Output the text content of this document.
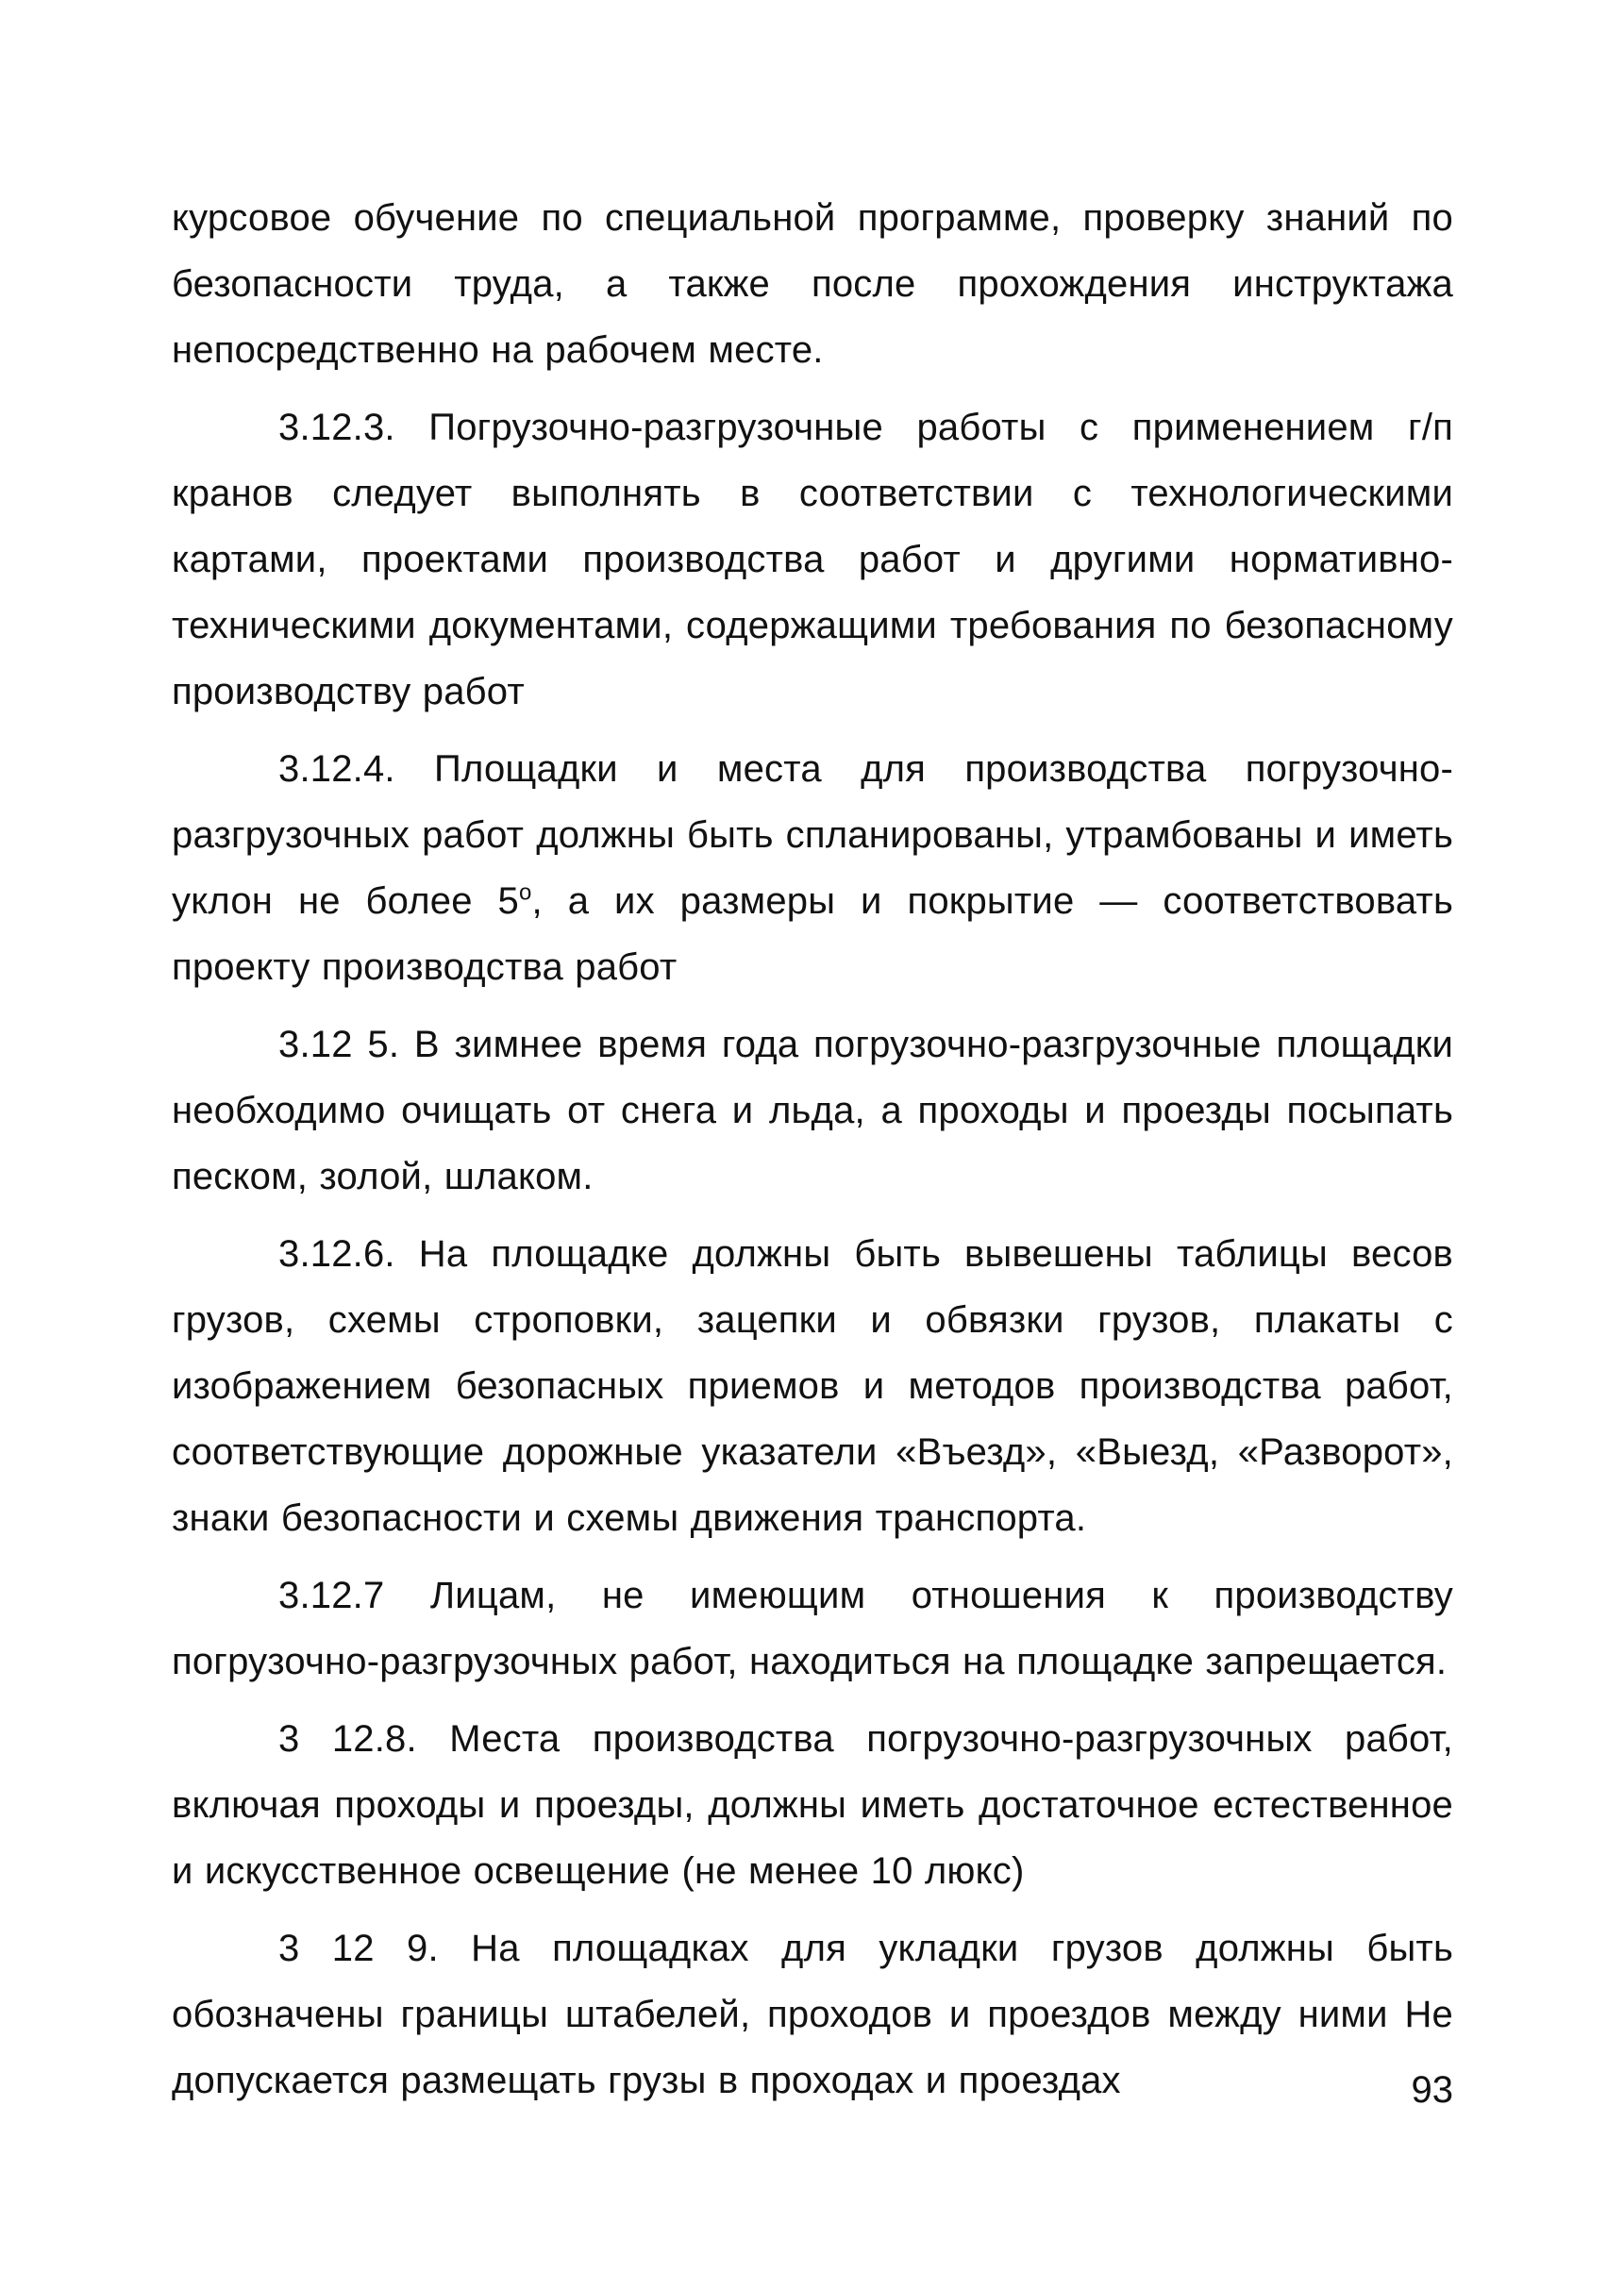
курсовое обучение по специальной программе, проверку знаний по безопасности труда, а также после прохождения инструктажа непосредственно на рабочем месте.

3.12.3. Погрузочно-разгрузочные работы с применением г/п кранов следует выполнять в соответствии с технологическими картами, проектами производства работ и другими нормативно-техническими документами, содержащими требования по безопасному производству работ

3.12.4. Площадки и места для производства погрузочно-разгрузочных работ должны быть спланированы, утрамбованы и иметь уклон не более $5^о$, а их размеры и покрытие — соответствовать проекту производства работ

3.12 5. В зимнее время года погрузочно-разгрузочные площадки необходимо очищать от снега и льда, а проходы и проезды посыпать песком, золой, шлаком.

3.12.6. На площадке должны быть вывешены таблицы весов грузов, схемы строповки, зацепки и обвязки грузов, плакаты с изображением безопасных приемов и методов производства работ, соответствующие дорожные указатели «Въезд», «Выезд, «Разворот», знаки безопасности и схемы движения транспорта.

3.12.7 Лицам, не имеющим отношения к производству погрузочно-разгрузочных работ, находиться на площадке запрещается.

3 12.8. Места производства погрузочно-разгрузочных работ, включая проходы и проезды, должны иметь достаточное естественное и искусственное освещение (не менее 10 люкс)

3 12 9. На площадках для укладки грузов должны быть обозначены границы штабелей, проходов и проездов между ними Не допускается размещать грузы в проходах и проездах	93
